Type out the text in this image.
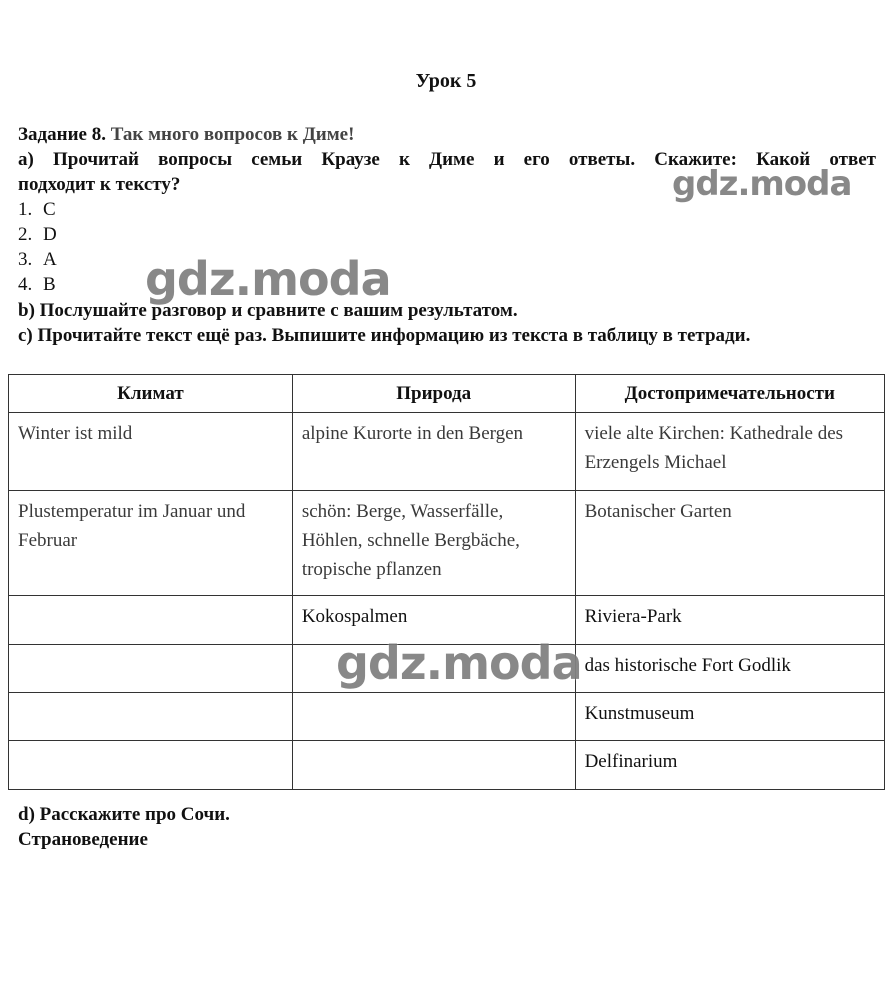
Урок 5
Задание 8. Так много вопросов к Диме!
а) Прочитай вопросы семьи Краузе к Диме и его ответы. Скажите: Какой ответ
подходит к тексту?
1. C
2. D
3. A
4. B
b) Послушайте разговор и сравните с вашим результатом.
c) Прочитайте текст ещё раз. Выпишите информацию из текста в таблицу в тетради.
Климат	Природа	Достопримечательности
Winter ist mild	alpine Kurorte in den Bergen	viele alte Kirchen: Kathedrale des Erzengels Michael
Plustemperatur im Januar und Februar	schön: Berge, Wasserfälle, Höhlen, schnelle Bergbäche, tropische pflanzen	Botanischer Garten
	Kokospalmen	Riviera-Park
		das historische Fort Godlik
		Kunstmuseum
		Delfinarium
d) Расскажите про Сочи.
Страноведение
gdz.moda
gdz.moda
gdz.moda
